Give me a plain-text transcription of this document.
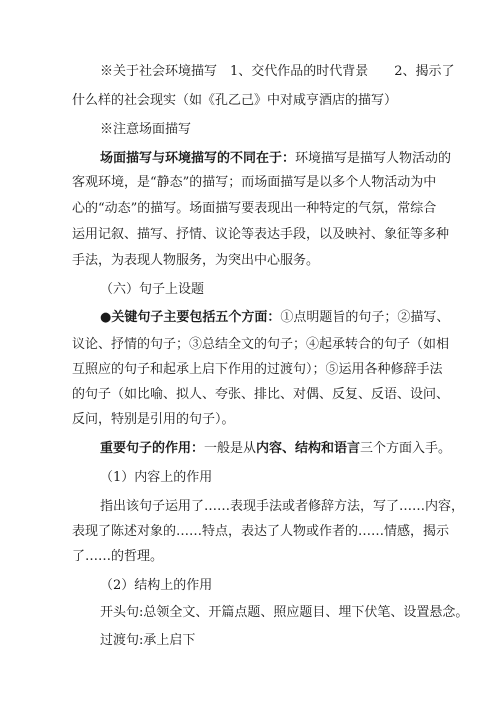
※关于社会环境描写　1、交代作品的时代背景　　2、揭示了
什么样的社会现实（如《孔乙己》中对咸亨酒店的描写）
※注意场面描写
场面描写与环境描写的不同在于：环境描写是描写人物活动的
客观环境，是“静态”的描写；而场面描写是以多个人物活动为中
心的“动态”的描写。场面描写要表现出一种特定的气氛，常综合
运用记叙、描写、抒情、议论等表达手段，以及映衬、象征等多种
手法，为表现人物服务，为突出中心服务。
（六）句子上设题
●关键句子主要包括五个方面：①点明题旨的句子；②描写、
议论、抒情的句子；③总结全文的句子；④起承转合的句子（如相
互照应的句子和起承上启下作用的过渡句）；⑤运用各种修辞手法
的句子（如比喻、拟人、夸张、排比、对偶、反复、反语、设问、
反问，特别是引用的句子）。
重要句子的作用：一般是从内容、结构和语言三个方面入手。
（1）内容上的作用
指出该句子运用了……表现手法或者修辞方法，写了……内容，
表现了陈述对象的……特点，表达了人物或作者的……情感，揭示
了……的哲理。
（2）结构上的作用
开头句:总领全文、开篇点题、照应题目、埋下伏笔、设置悬念。
过渡句:承上启下
